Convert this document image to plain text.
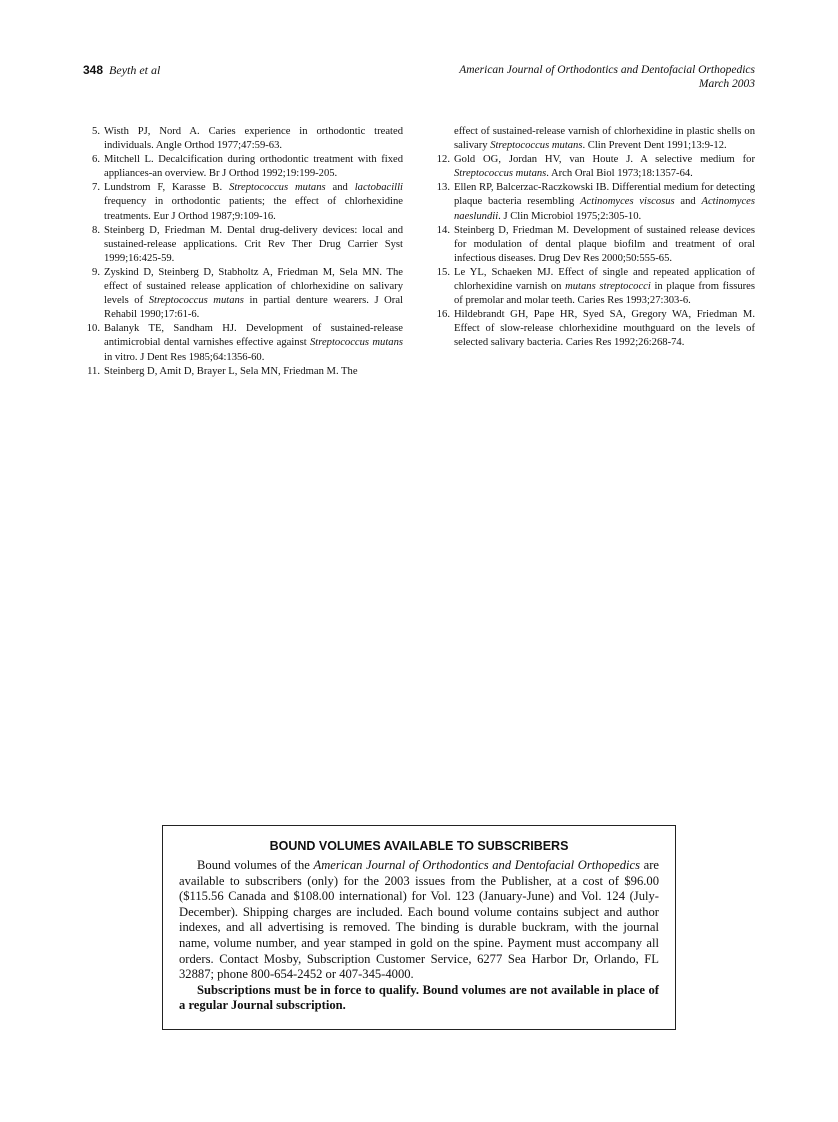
348 Beyth et al	American Journal of Orthodontics and Dentofacial Orthopedics
March 2003
5. Wisth PJ, Nord A. Caries experience in orthodontic treated individuals. Angle Orthod 1977;47:59-63.
6. Mitchell L. Decalcification during orthodontic treatment with fixed appliances-an overview. Br J Orthod 1992;19:199-205.
7. Lundstrom F, Karasse B. Streptococcus mutans and lactobacilli frequency in orthodontic patients; the effect of chlorhexidine treatments. Eur J Orthod 1987;9:109-16.
8. Steinberg D, Friedman M. Dental drug-delivery devices: local and sustained-release applications. Crit Rev Ther Drug Carrier Syst 1999;16:425-59.
9. Zyskind D, Steinberg D, Stabholtz A, Friedman M, Sela MN. The effect of sustained release application of chlorhexidine on salivary levels of Streptococcus mutans in partial denture wearers. J Oral Rehabil 1990;17:61-6.
10. Balanyk TE, Sandham HJ. Development of sustained-release antimicrobial dental varnishes effective against Streptococcus mutans in vitro. J Dent Res 1985;64:1356-60.
11. Steinberg D, Amit D, Brayer L, Sela MN, Friedman M. The
effect of sustained-release varnish of chlorhexidine in plastic shells on salivary Streptococcus mutans. Clin Prevent Dent 1991;13:9-12.
12. Gold OG, Jordan HV, van Houte J. A selective medium for Streptococcus mutans. Arch Oral Biol 1973;18:1357-64.
13. Ellen RP, Balcerzac-Raczkowski IB. Differential medium for detecting plaque bacteria resembling Actinomyces viscosus and Actinomyces naeslundii. J Clin Microbiol 1975;2:305-10.
14. Steinberg D, Friedman M. Development of sustained release devices for modulation of dental plaque biofilm and treatment of oral infectious diseases. Drug Dev Res 2000;50:555-65.
15. Le YL, Schaeken MJ. Effect of single and repeated application of chlorhexidine varnish on mutans streptococci in plaque from fissures of premolar and molar teeth. Caries Res 1993;27:303-6.
16. Hildebrandt GH, Pape HR, Syed SA, Gregory WA, Friedman M. Effect of slow-release chlorhexidine mouthguard on the levels of selected salivary bacteria. Caries Res 1992;26:268-74.
BOUND VOLUMES AVAILABLE TO SUBSCRIBERS
Bound volumes of the American Journal of Orthodontics and Dentofacial Orthopedics are available to subscribers (only) for the 2003 issues from the Publisher, at a cost of $96.00 ($115.56 Canada and $108.00 international) for Vol. 123 (January-June) and Vol. 124 (July-December). Shipping charges are included. Each bound volume contains subject and author indexes, and all advertising is removed. The binding is durable buckram, with the journal name, volume number, and year stamped in gold on the spine. Payment must accompany all orders. Contact Mosby, Subscription Customer Service, 6277 Sea Harbor Dr, Orlando, FL 32887; phone 800-654-2452 or 407-345-4000.
Subscriptions must be in force to qualify. Bound volumes are not available in place of a regular Journal subscription.
